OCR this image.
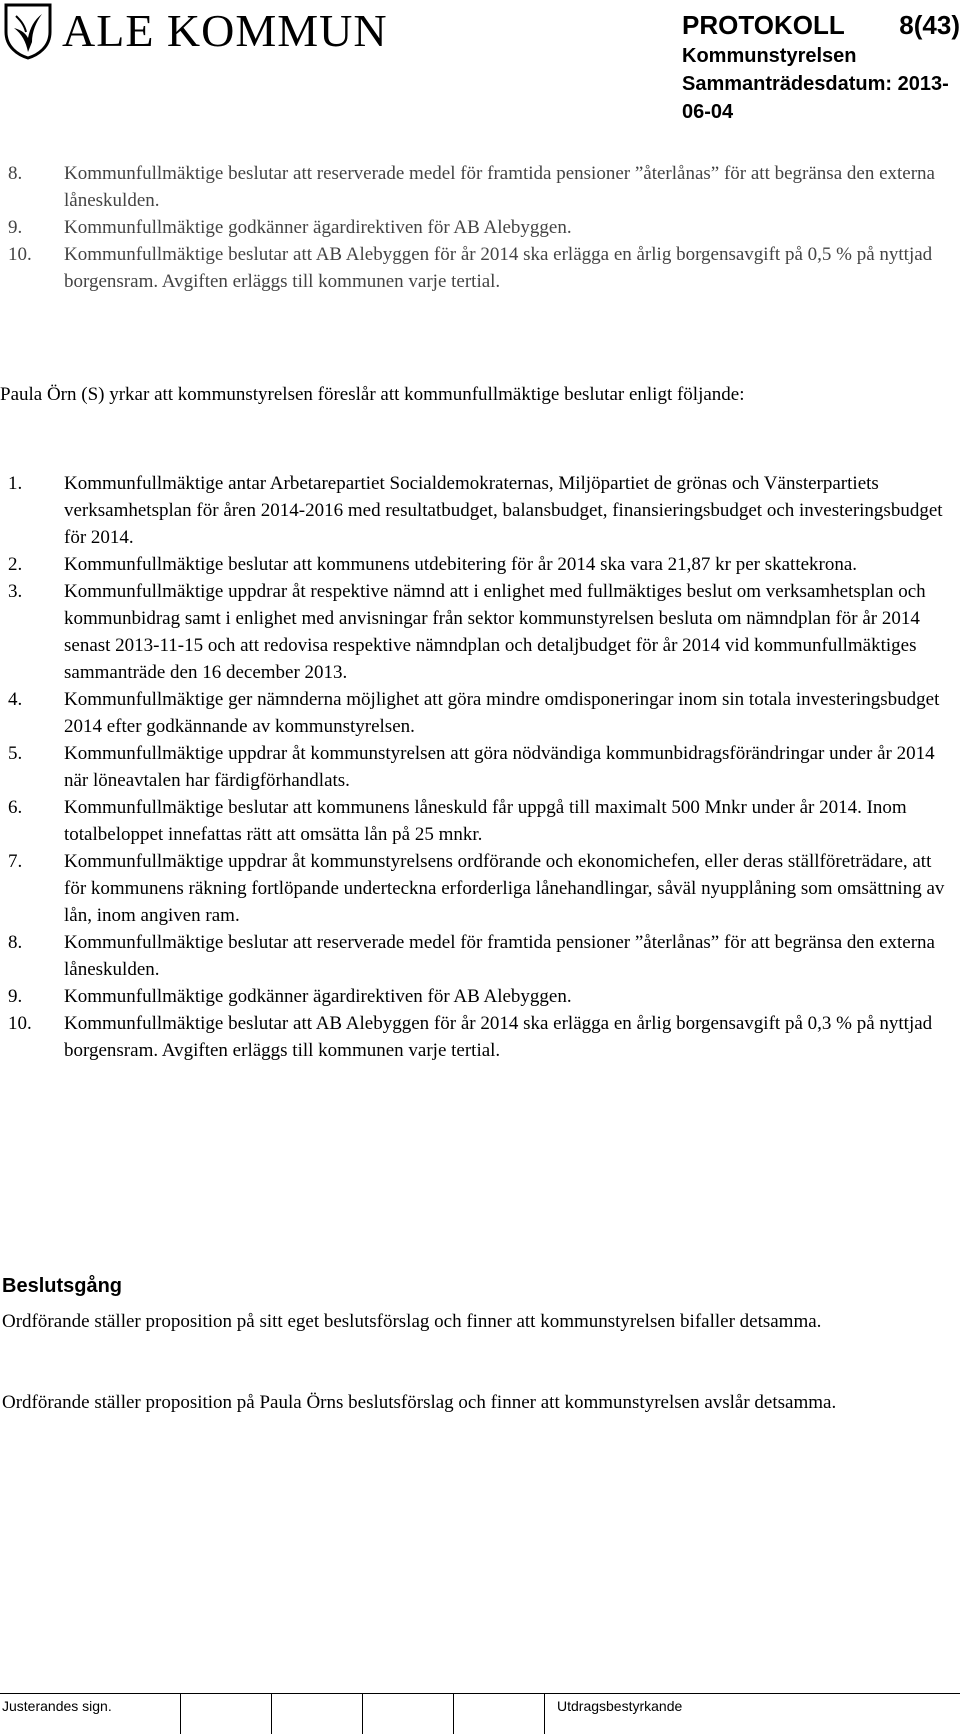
ALE KOMMUN	PROTOKOLL 8(43)
Kommunstyrelsen
Sammanträdesdatum: 2013-06-04
8. Kommunfullmäktige beslutar att reserverade medel för framtida pensioner ”återlånas” för att begränsa den externa låneskulden.
9. Kommunfullmäktige godkänner ägardirektiven för AB Alebyggen.
10. Kommunfullmäktige beslutar att AB Alebyggen för år 2014 ska erlägga en årlig borgensavgift på 0,5 % på nyttjad borgensram. Avgiften erläggs till kommunen varje tertial.
Paula Örn (S) yrkar att kommunstyrelsen föreslår att kommunfullmäktige beslutar enligt följande:
1. Kommunfullmäktige antar Arbetarepartiet Socialdemokraternas, Miljöpartiet de grönas och Vänsterpartiets verksamhetsplan för åren 2014-2016 med resultatbudget, balansbudget, finansieringsbudget och investeringsbudget för 2014.
2. Kommunfullmäktige beslutar att kommunens utdebitering för år 2014 ska vara 21,87 kr per skattekrona.
3. Kommunfullmäktige uppdrar åt respektive nämnd att i enlighet med fullmäktiges beslut om verksamhetsplan och kommunbidrag samt i enlighet med anvisningar från sektor kommunstyrelsen besluta om nämndplan för år 2014 senast 2013-11-15 och att redovisa respektive nämndplan och detaljbudget för år 2014 vid kommunfullmäktiges sammanträde den 16 december 2013.
4. Kommunfullmäktige ger nämnderna möjlighet att göra mindre omdisponeringar inom sin totala investeringsbudget 2014 efter godkännande av kommunstyrelsen.
5. Kommunfullmäktige uppdrar åt kommunstyrelsen att göra nödvändiga kommunbidragsförändringar under år 2014 när löneavtalen har färdigförhandlats.
6. Kommunfullmäktige beslutar att kommunens låneskuld får uppgå till maximalt 500 Mnkr under år 2014. Inom totalbeloppet innefattas rätt att omsätta lån på 25 mnkr.
7. Kommunfullmäktige uppdrar åt kommunstyrelsens ordförande och ekonomichefen, eller deras ställföreträdare, att för kommunens räkning fortlöpande underteckna erforderliga lånehandlingar, såväl nyupplåning som omsättning av lån, inom angiven ram.
8. Kommunfullmäktige beslutar att reserverade medel för framtida pensioner ”återlånas” för att begränsa den externa låneskulden.
9. Kommunfullmäktige godkänner ägardirektiven för AB Alebyggen.
10. Kommunfullmäktige beslutar att AB Alebyggen för år 2014 ska erlägga en årlig borgensavgift på 0,3 % på nyttjad borgensram. Avgiften erläggs till kommunen varje tertial.
Beslutsgång
Ordförande ställer proposition på sitt eget beslutsförslag och finner att kommunstyrelsen bifaller detsamma.
Ordförande ställer proposition på Paula Örns beslutsförslag och finner att kommunstyrelsen avslår detsamma.
Justerandes sign.	Utdragsbestyrkande
